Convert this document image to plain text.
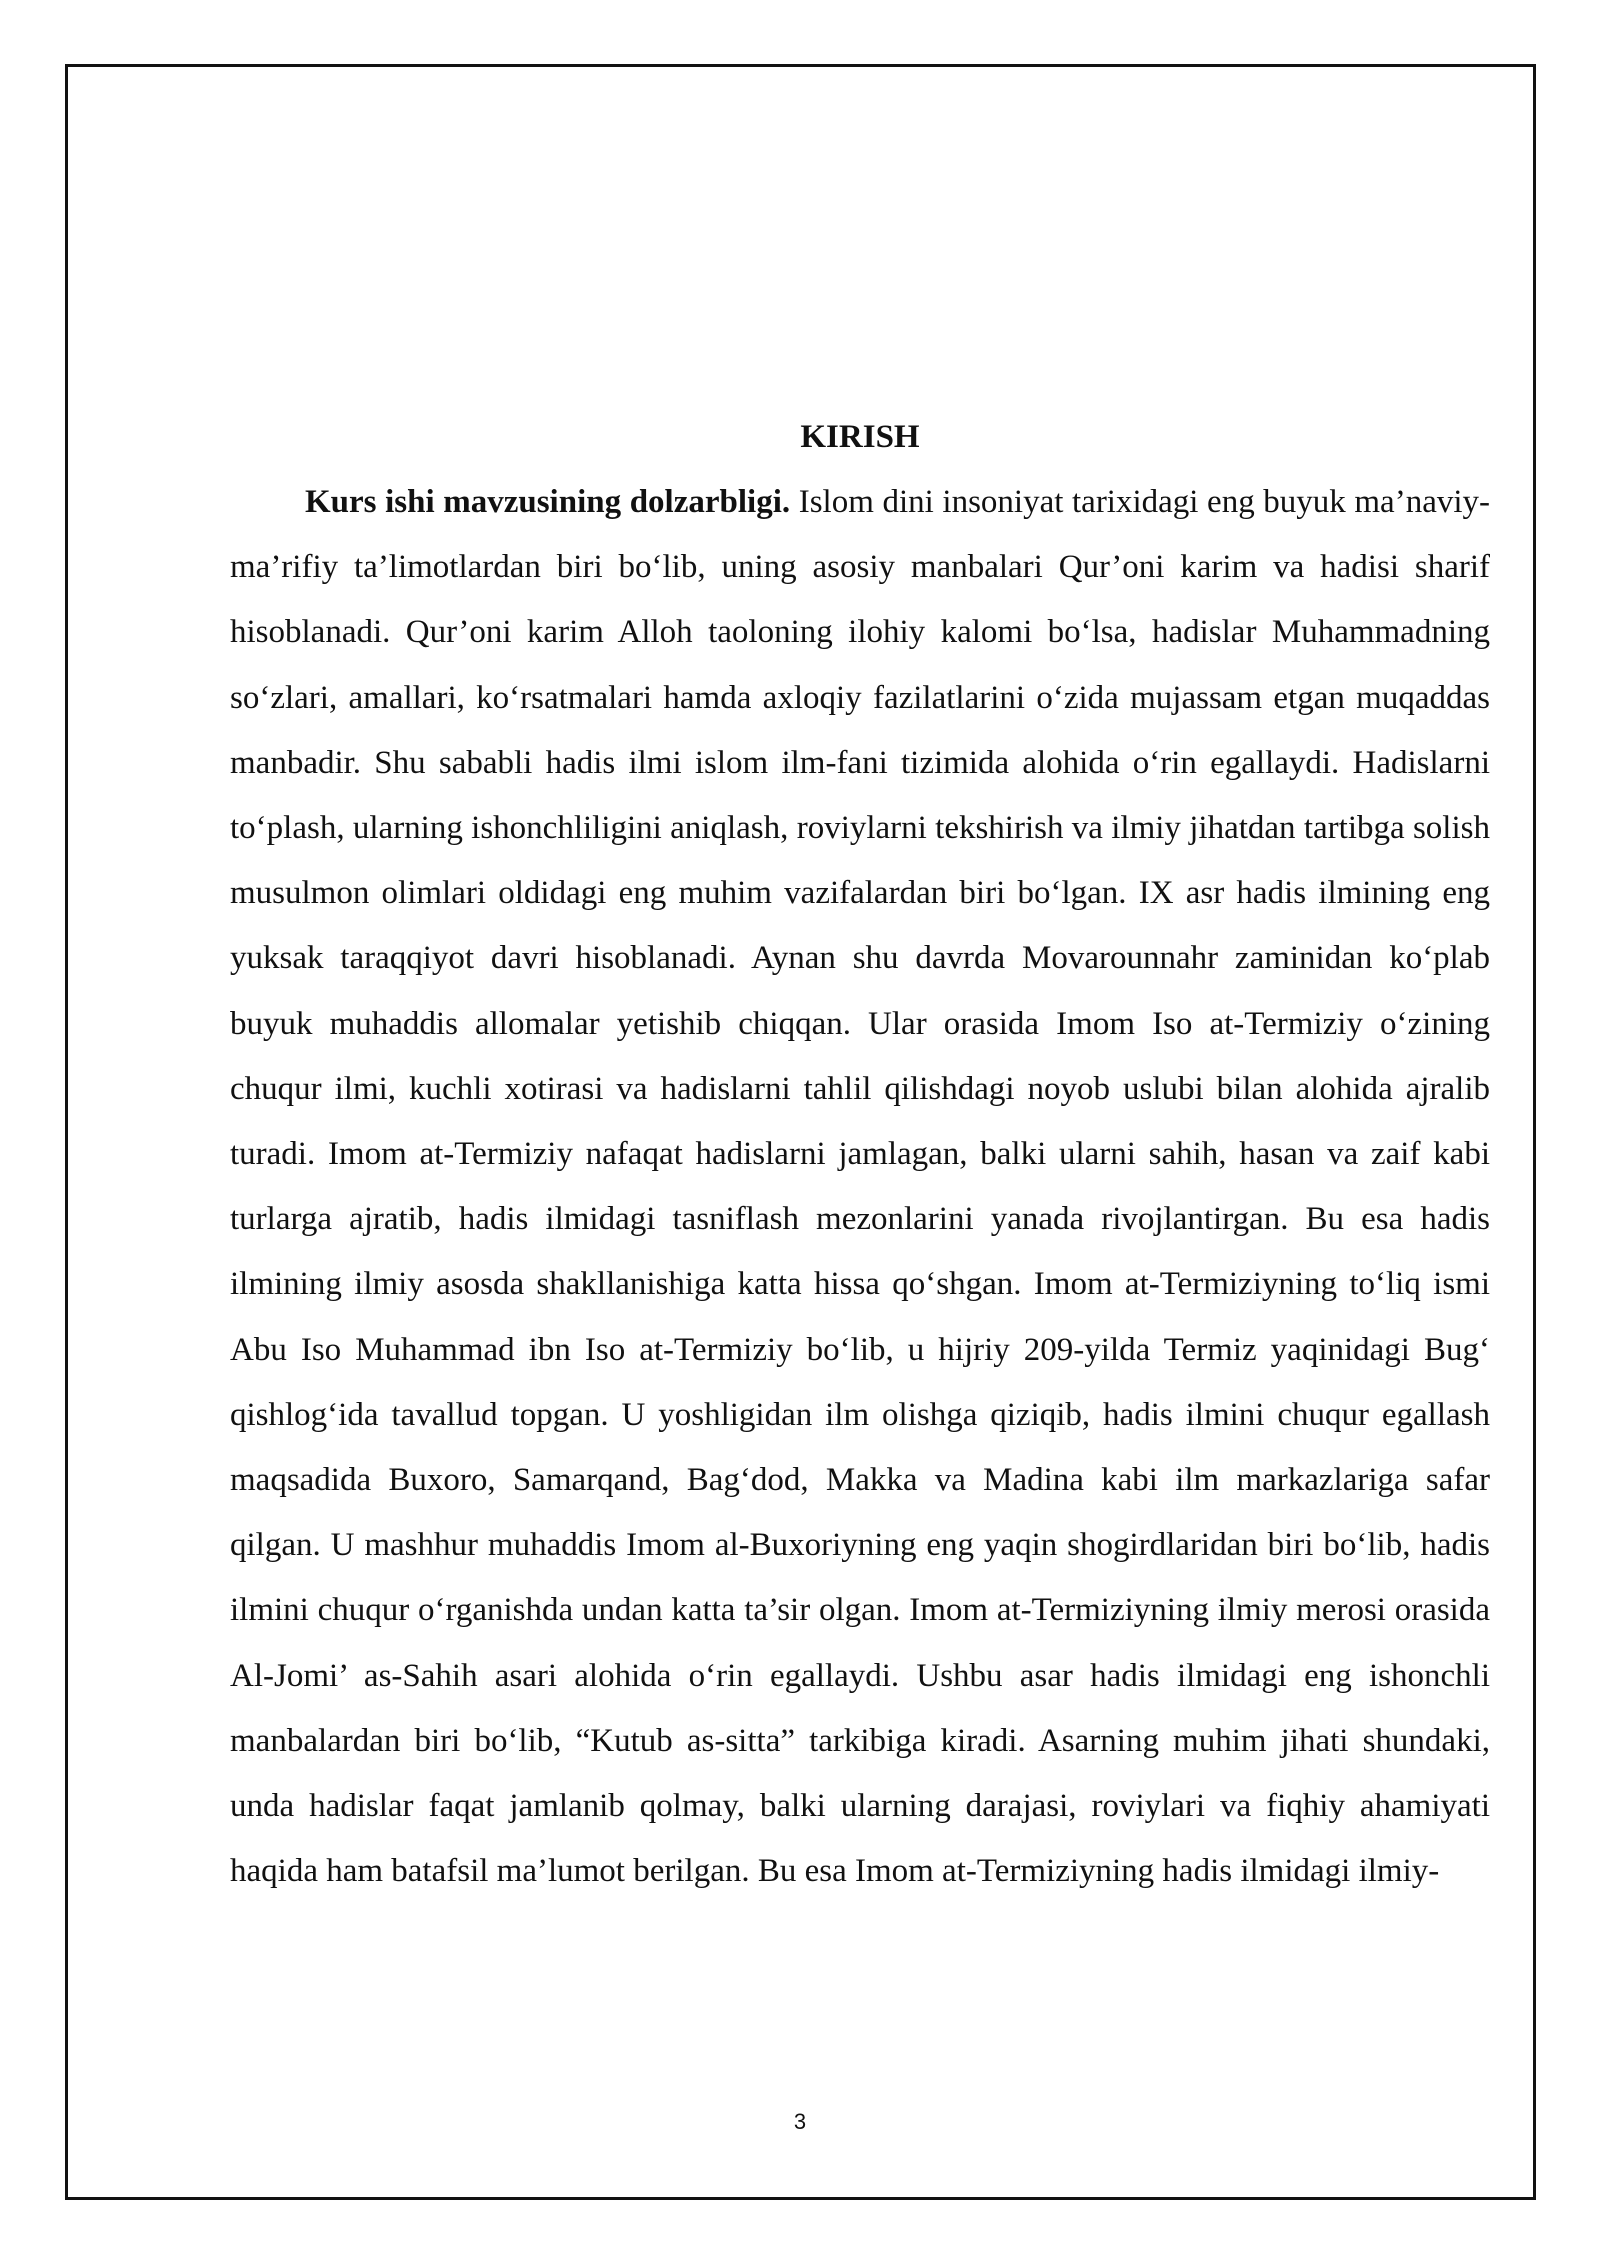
KIRISH

Kurs ishi mavzusining dolzarbligi. Islom dini insoniyat tarixidagi eng buyuk ma’naviy-ma’rifiy ta’limotlardan biri bo‘lib, uning asosiy manbalari Qur’oni karim va hadisi sharif hisoblanadi. Qur’oni karim Alloh taoloning ilohiy kalomi bo‘lsa, hadislar Muhammadning so‘zlari, amallari, ko‘rsatmalari hamda axloqiy fazilatlarini o‘zida mujassam etgan muqaddas manbadir. Shu sababli hadis ilmi islom ilm-fani tizimida alohida o‘rin egallaydi. Hadislarni to‘plash, ularning ishonchliligini aniqlash, roviylarni tekshirish va ilmiy jihatdan tartibga solish musulmon olimlari oldidagi eng muhim vazifalardan biri bo‘lgan. IX asr hadis ilmining eng yuksak taraqqiyot davri hisoblanadi. Aynan shu davrda Movarounnahr zaminidan ko‘plab buyuk muhaddis allomalar yetishib chiqqan. Ular orasida Imom Iso at-Termiziy o‘zining chuqur ilmi, kuchli xotirasi va hadislarni tahlil qilishdagi noyob uslubi bilan alohida ajralib turadi. Imom at-Termiziy nafaqat hadislarni jamlagan, balki ularni sahih, hasan va zaif kabi turlarga ajratib, hadis ilmidagi tasniflash mezonlarini yanada rivojlantirgan. Bu esa hadis ilmining ilmiy asosda shakllanishiga katta hissa qo‘shgan. Imom at-Termiziyning to‘liq ismi Abu Iso Muhammad ibn Iso at-Termiziy bo‘lib, u hijriy 209-yilda Termiz yaqinidagi Bug‘ qishlog‘ida tavallud topgan. U yoshligidan ilm olishga qiziqib, hadis ilmini chuqur egallash maqsadida Buxoro, Samarqand, Bag‘dod, Makka va Madina kabi ilm markazlariga safar qilgan. U mashhur muhaddis Imom al-Buxoriyning eng yaqin shogirdlaridan biri bo‘lib, hadis ilmini chuqur o‘rganishda undan katta ta’sir olgan. Imom at-Termiziyning ilmiy merosi orasida Al-Jomi’ as-Sahih asari alohida o‘rin egallaydi. Ushbu asar hadis ilmidagi eng ishonchli manbalardan biri bo‘lib, “Kutub as-sitta” tarkibiga kiradi. Asarning muhim jihati shundaki, unda hadislar faqat jamlanib qolmay, balki ularning darajasi, roviylari va fiqhiy ahamiyati haqida ham batafsil ma’lumot berilgan. Bu esa Imom at-Termiziyning hadis ilmidagi ilmiy-

3
